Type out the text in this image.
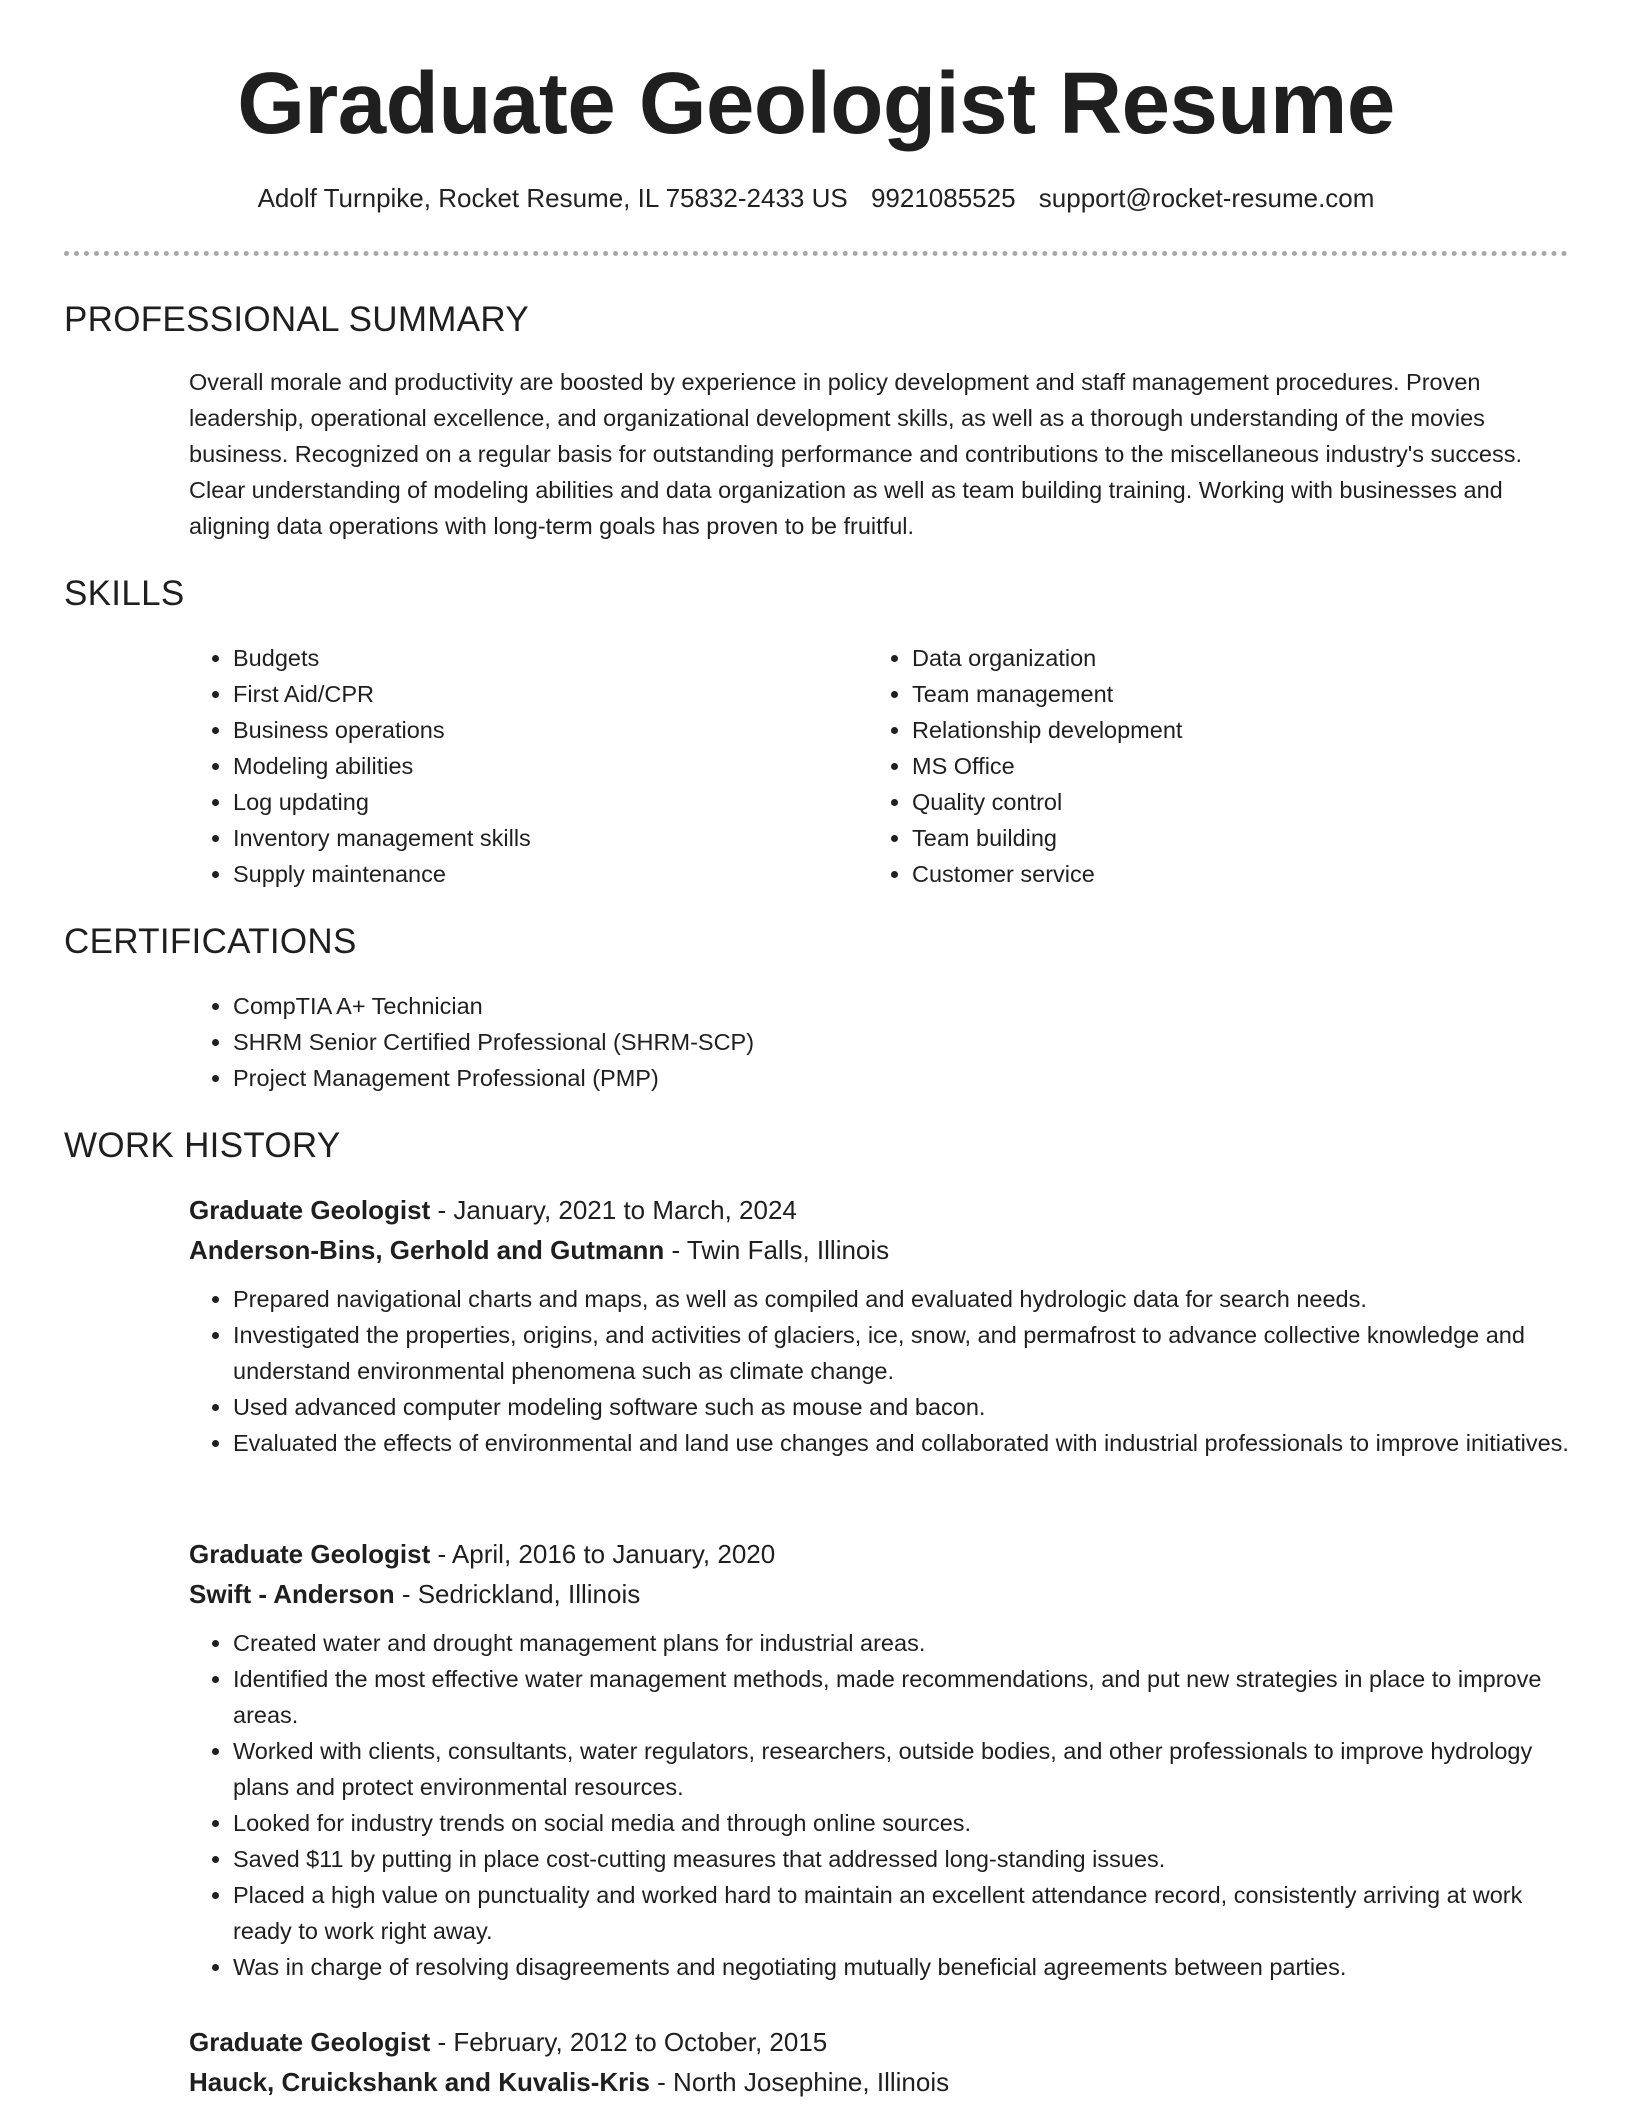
Graduate Geologist Resume
Adolf Turnpike, Rocket Resume, IL 75832-2433 US 9921085525 support@rocket-resume.com
PROFESSIONAL SUMMARY

Overall morale and productivity are boosted by experience in policy development and staff management procedures. Proven leadership, operational excellence, and organizational development skills, as well as a thorough understanding of the movies business. Recognized on a regular basis for outstanding performance and contributions to the miscellaneous industry's success. Clear understanding of modeling abilities and data organization as well as team building training. Working with businesses and aligning data operations with long-term goals has proven to be fruitful.

SKILLS
• Budgets
• First Aid/CPR
• Business operations
• Modeling abilities
• Log updating
• Inventory management skills
• Supply maintenance
• Data organization
• Team management
• Relationship development
• MS Office
• Quality control
• Team building
• Customer service
CERTIFICATIONS
• CompTIA A+ Technician
• SHRM Senior Certified Professional (SHRM-SCP)
• Project Management Professional (PMP)
WORK HISTORY
Graduate Geologist - January, 2021 to March, 2024
Anderson-Bins, Gerhold and Gutmann - Twin Falls, Illinois
• Prepared navigational charts and maps, as well as compiled and evaluated hydrologic data for search needs.
• Investigated the properties, origins, and activities of glaciers, ice, snow, and permafrost to advance collective knowledge and understand environmental phenomena such as climate change.
• Used advanced computer modeling software such as mouse and bacon.
• Evaluated the effects of environmental and land use changes and collaborated with industrial professionals to improve initiatives.
Graduate Geologist - April, 2016 to January, 2020
Swift - Anderson - Sedrickland, Illinois
• Created water and drought management plans for industrial areas.
• Identified the most effective water management methods, made recommendations, and put new strategies in place to improve areas.
• Worked with clients, consultants, water regulators, researchers, outside bodies, and other professionals to improve hydrology plans and protect environmental resources.
• Looked for industry trends on social media and through online sources.
• Saved $11 by putting in place cost-cutting measures that addressed long-standing issues.
• Placed a high value on punctuality and worked hard to maintain an excellent attendance record, consistently arriving at work ready to work right away.
• Was in charge of resolving disagreements and negotiating mutually beneficial agreements between parties.
Graduate Geologist - February, 2012 to October, 2015
Hauck, Cruickshank and Kuvalis-Kris - North Josephine, Illinois
